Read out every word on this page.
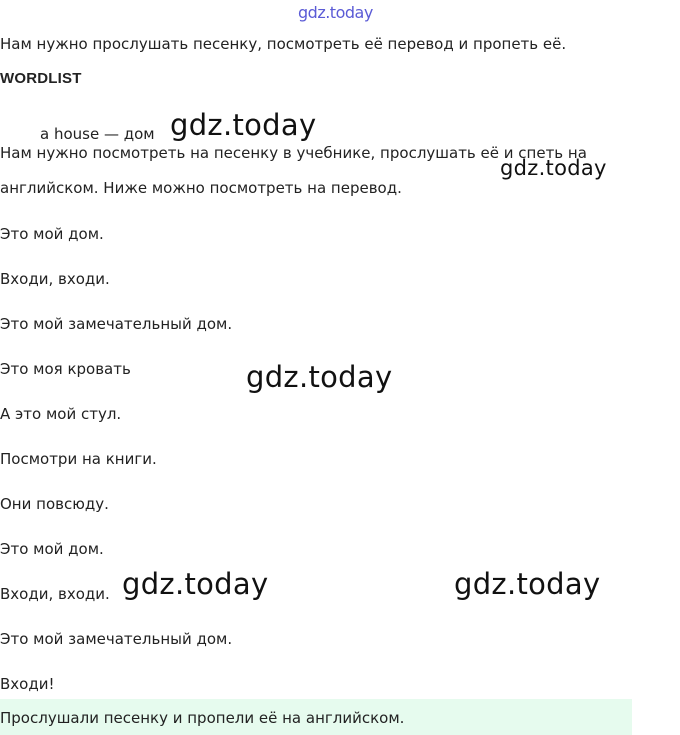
gdz.today
Нам нужно прослушать песенку, посмотреть её перевод и пропеть её.
WORDLIST
a house — дом
Нам нужно посмотреть на песенку в учебнике, прослушать её и спеть на
английском. Ниже можно посмотреть на перевод.
Это мой дом.
Входи, входи.
Это мой замечательный дом.
Это моя кровать
А это мой стул.
Посмотри на книги.
Они повсюду.
Это мой дом.
Входи, входи.
Это мой замечательный дом.
Входи!
Прослушали песенку и пропели её на английском.
gdz.today
gdz.today
gdz.today
gdz.today	gdz.today
